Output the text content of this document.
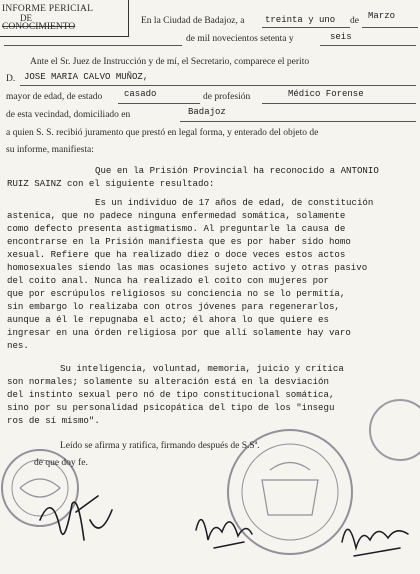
INFORME PERICIAL
DE
CONOCIMIENTO
En la Ciudad de Badajoz, a treinta y uno de Marzo
de mil novecientos setenta y	seis
Ante el Sr. Juez de Instrucción y de mí, el Secretario, comparece el perito
D. JOSE MARIA CALVO MUÑOZ,
mayor de edad, de estado casado	de profesión	Médico Forense
de esta vecindad, domiciliado en	Badajoz
a quien S. S. recibió juramento que prestó en legal forma, y enterado del objeto de
su informe, manifiesta:
Que en la Prisión Provincial ha reconocido a ANTONIO
RUIZ SAINZ con el siguiente resultado:
Es un individuo de 17 años de edad, de constitución
astenica, que no padece ninguna enfermedad somática, solamente
como defecto presenta astigmatismo. Al preguntarle la causa de
encontrarse en la Prisión manifiesta que es por haber sido homo
xesual. Refiere que ha realizado diez o doce veces estos actos
homosexuales siendo las mas ocasiones sujeto activo y otras pasivo
del coito anal. Nunca ha realizado el coito con mujeres por
que por escrúpulos religiosos su conciencia no se lo permitía,
sin embargo lo realizaba con otros jóvenes para regenerarlos,
aunque a él le repugnaba el acto; él ahora lo que quiere es
ingresar en una órden religiosa por que allí solamente hay varo
nes.
Su inteligencia, voluntad, memoria, juicio y crítica
son normales; solamente su alteración está en la desviación
del instinto sexual pero nó de tipo constitucional somática,
sino por su personalidad psicopática del tipo de los "insegu
ros de sí mismo".
Leído se afirma y ratifica, firmando después de S.Sª.
de que doy fe.
